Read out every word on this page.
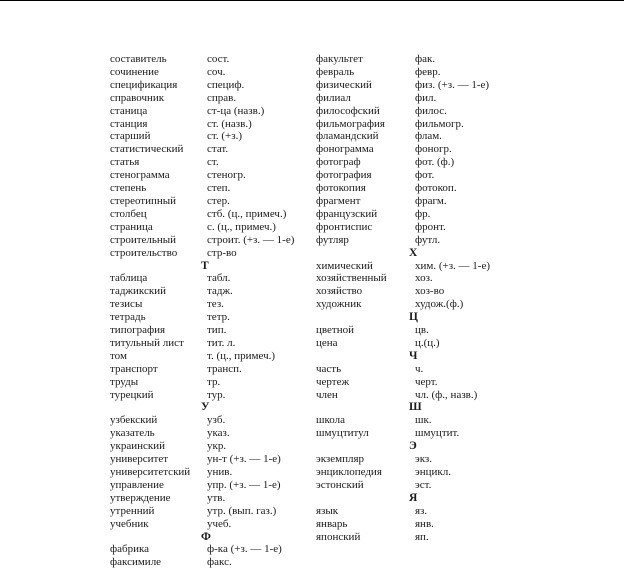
составитель	сост.
сочинение	соч.
спецификация	специф.
справочник	справ.
станица	ст-ца (назв.)
станция	ст. (назв.)
старший	ст. (+з.)
статистический стат.
статья	ст.
стенограмма	стеногр.
степень	степ.
стереотипный	стер.
столбец	стб. (ц., примеч.)
страница	с. (ц., примеч.)
строительный	строит. (+з. — 1-е)
строительство	стр-во
Т
таблица	табл.
таджикский	тадж.
тезисы	тез.
тетрадь	тетр.
типография	тип.
титульный лист тит. л.
том	т. (ц., примеч.)
транспорт	трансп.
труды	тр.
турецкий	тур.
У
узбекский	узб.
указатель	указ.
украинский	укр.
университет	ун-т (+з. — 1-е)
университетский унив.
управление	упр. (+з. — 1-е)
утверждение	утв.
утренний	утр. (вып. газ.)
учебник	учеб.
Ф
фабрика	ф-ка (+з. — 1-е)
факсимиле	факс.
факультет	фак.
февраль	февр.
физический	физ. (+з. — 1-е)
филиал	фил.
философский	филос.
фильмография	фильмогр.
фламандский	флам.
фонограмма	фоногр.
фотограф	фот. (ф.)
фотография	фот.
фотокопия	фотокоп.
фрагмент	фрагм.
французский	фр.
фронтиспис	фронт.
футляр	футл.
Х
химический	хим. (+з. — 1-е)
хозяйственный	хоз.
хозяйство	хоз-во
художник	худож.(ф.)
Ц
цветной	цв.
цена	ц.(ц.)
Ч
часть	ч.
чертеж	черт.
член	чл. (ф., назв.)
Ш
школа	шк.
шмуцтитул	шмуцтит.
Э
экземпляр	экз.
энциклопедия	энцикл.
эстонский	эст.
Я
язык	яз.
январь	янв.
японский	яп.
